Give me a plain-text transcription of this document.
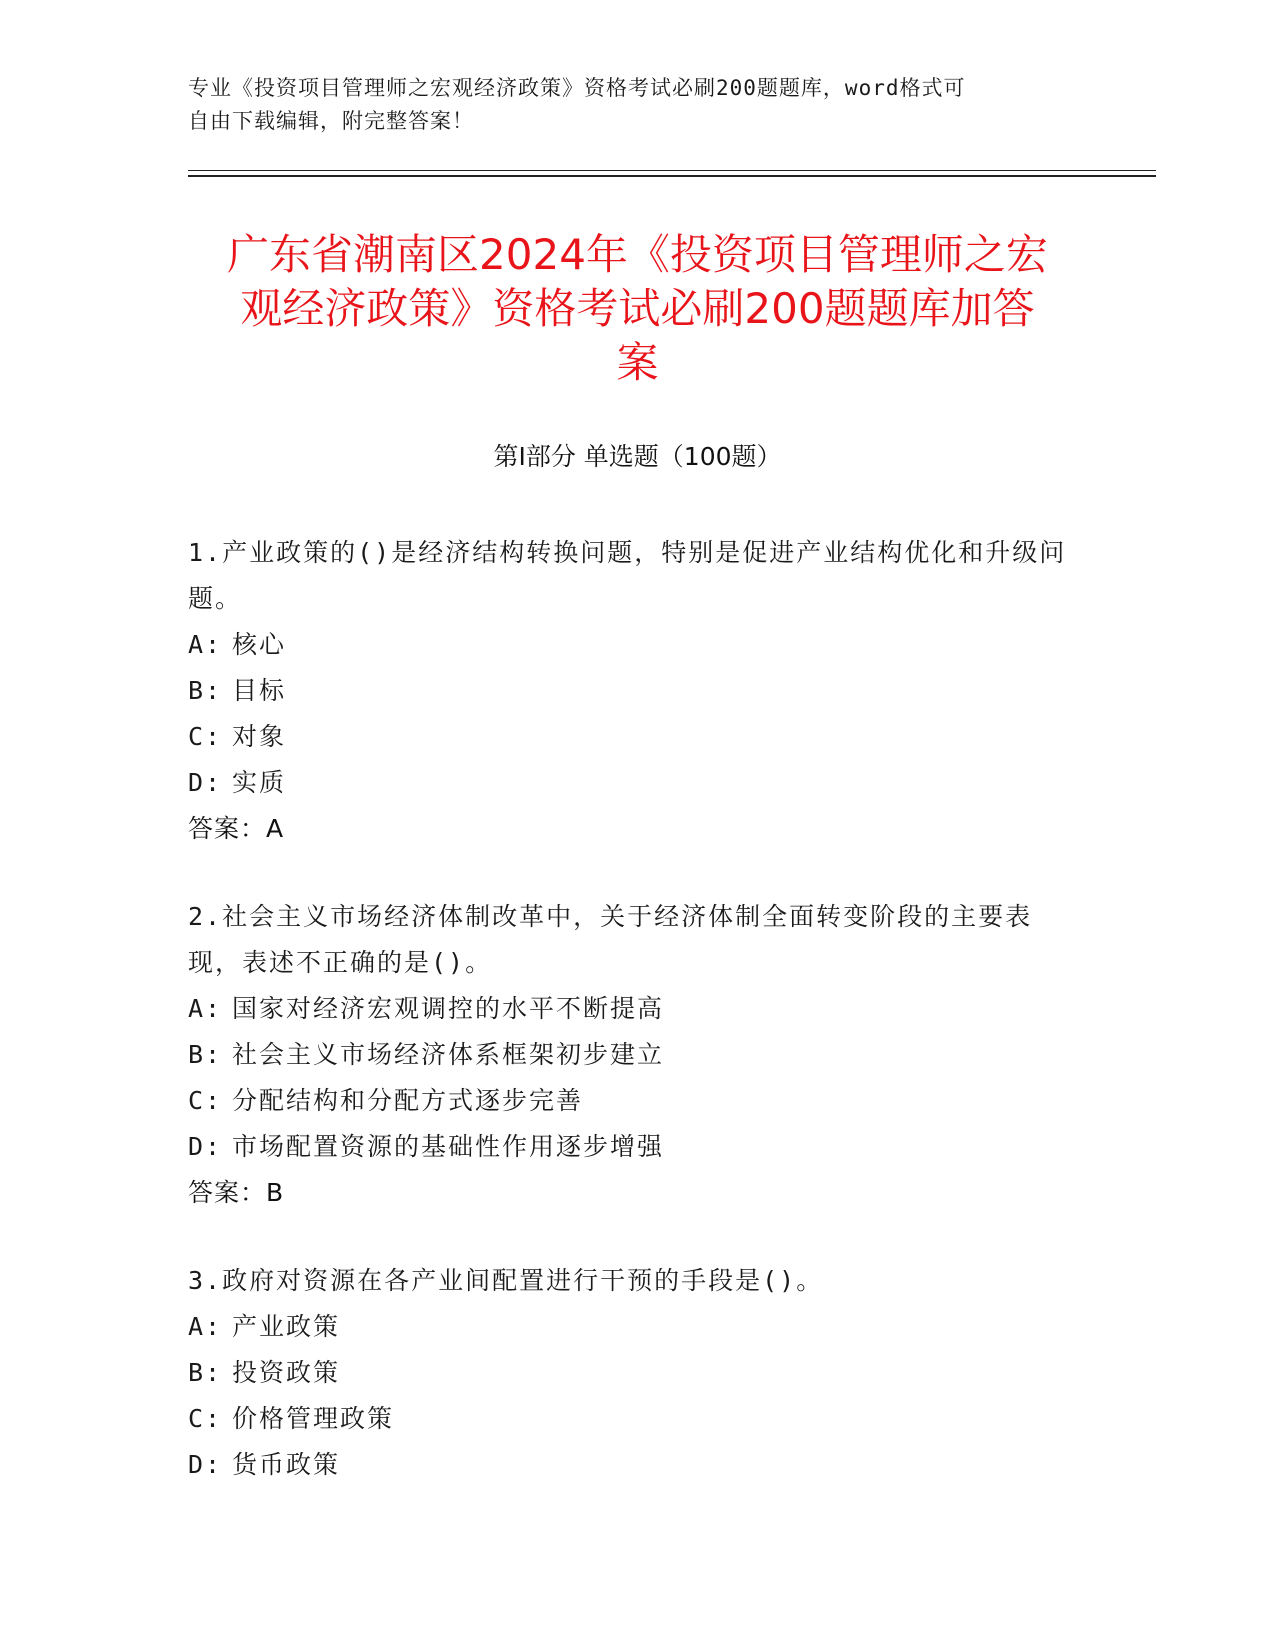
专业《投资项目管理师之宏观经济政策》资格考试必刷200题题库，word格式可
自由下载编辑，附完整答案！
广东省潮南区2024年《投资项目管理师之宏
观经济政策》资格考试必刷200题题库加答
案
第Ⅰ部分 单选题（100题）
1.产业政策的()是经济结构转换问题，特别是促进产业结构优化和升级问题。
A: 核心
B: 目标
C: 对象
D: 实质
答案：A
2.社会主义市场经济体制改革中，关于经济体制全面转变阶段的主要表现，表述不正确的是()。
A: 国家对经济宏观调控的水平不断提高
B: 社会主义市场经济体系框架初步建立
C: 分配结构和分配方式逐步完善
D: 市场配置资源的基础性作用逐步增强
答案：B
3.政府对资源在各产业间配置进行干预的手段是()。
A: 产业政策
B: 投资政策
C: 价格管理政策
D: 货币政策
